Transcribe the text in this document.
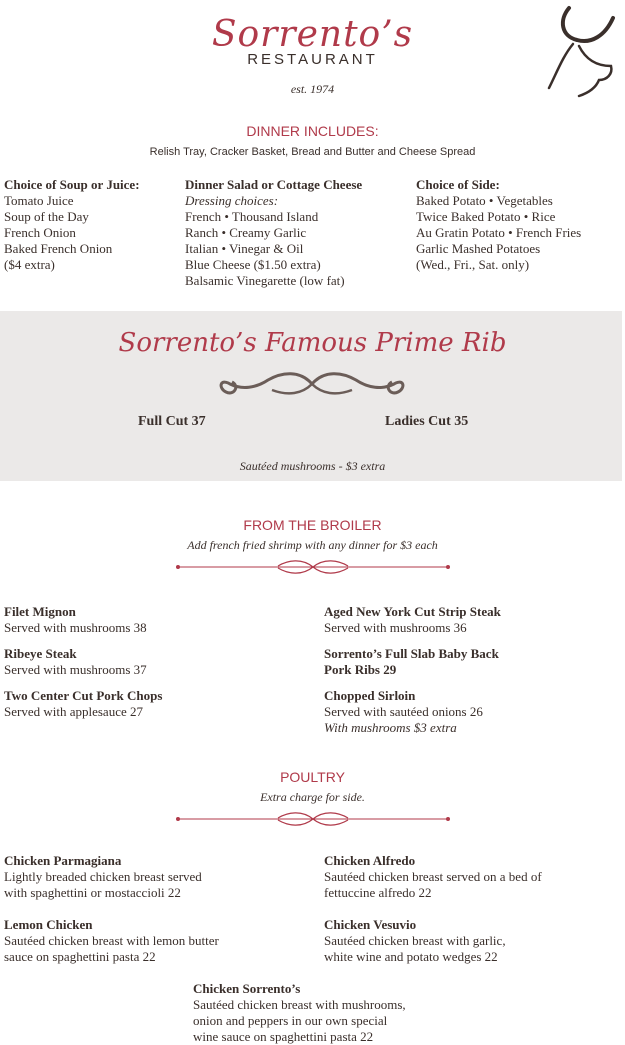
Sorrento’s
RESTAURANT
est. 1974
DINNER INCLUDES:
Relish Tray, Cracker Basket, Bread and Butter and Cheese Spread
Choice of Soup or Juice:
Tomato Juice
Soup of the Day
French Onion
Baked French Onion
($4 extra)
Dinner Salad or Cottage Cheese
Dressing choices:
French • Thousand Island
Ranch • Creamy Garlic
Italian • Vinegar & Oil
Blue Cheese ($1.50 extra)
Balsamic Vinegarette (low fat)
Choice of Side:
Baked Potato • Vegetables
Twice Baked Potato • Rice
Au Gratin Potato • French Fries
Garlic Mashed Potatoes
(Wed., Fri., Sat. only)
Sorrento’s Famous Prime Rib
Full Cut 37	Ladies Cut 35
Sautéed mushrooms - $3 extra
FROM THE BROILER
Add french fried shrimp with any dinner for $3 each
Filet Mignon
Served with mushrooms 38
Ribeye Steak
Served with mushrooms 37
Two Center Cut Pork Chops
Served with applesauce 27
Aged New York Cut Strip Steak
Served with mushrooms 36
Sorrento’s Full Slab Baby Back
Pork Ribs 29
Chopped Sirloin
Served with sautéed onions 26
With mushrooms $3 extra
POULTRY
Extra charge for side.
Chicken Parmagiana
Lightly breaded chicken breast served
with spaghettini or mostaccioli 22
Lemon Chicken
Sautéed chicken breast with lemon butter
sauce on spaghettini pasta 22
Chicken Alfredo
Sautéed chicken breast served on a bed of
fettuccine alfredo 22
Chicken Vesuvio
Sautéed chicken breast with garlic,
white wine and potato wedges 22
Chicken Sorrento’s
Sautéed chicken breast with mushrooms,
onion and peppers in our own special
wine sauce on spaghettini pasta 22
